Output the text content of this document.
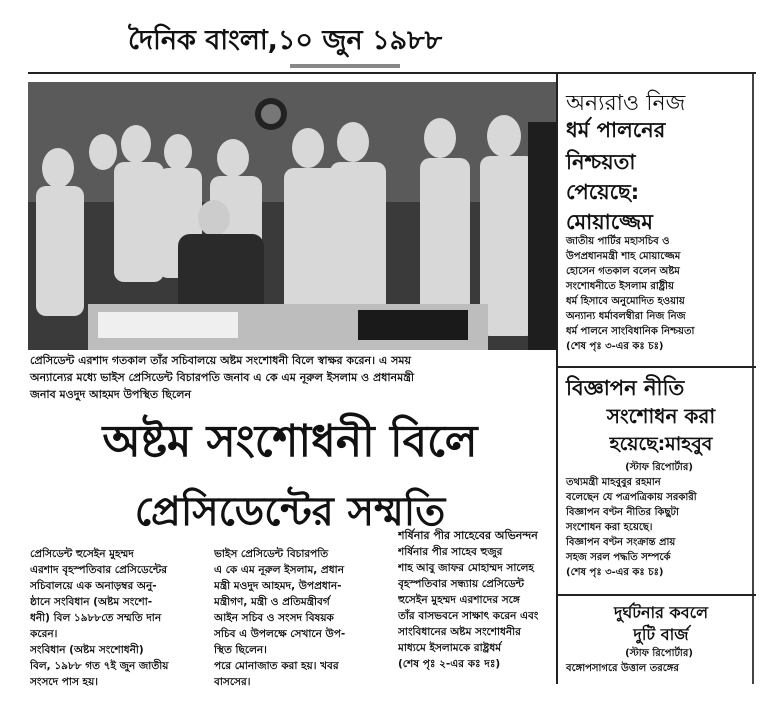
দৈনিক বাংলা,১০ জুন ১৯৮৮

প্রেসিডেন্ট এরশাদ গতকাল তাঁর সচিবালয়ে অষ্টম সংশোধনী বিলে স্বাক্ষর করেন। এ সময়

অন্যান্যের মধ্যে ভাইস প্রেসিডেন্ট বিচারপতি জনাব এ কে এম নূরুল ইসলাম ও প্রধানমন্ত্রী

জনাব মওদুদ আহমদ উপস্থিত ছিলেন

অষ্টম সংশোধনী বিলে
প্রেসিডেন্টের সম্মতি

প্রেসিডেন্ট হুসেইন মুহম্মদ

এরশাদ বৃহস্পতিবার প্রেসিডেন্টের

সচিবালয়ে এক অনাড়ম্বর অনু-

ষ্ঠানে সংবিধান (অষ্টম সংশো-

ধনী) বিল ১৯৮৮তে সম্মতি দান

করেন।

সংবিধান (অষ্টম সংশোধনী)

বিল, ১৯৮৮ গত ৭ই জুন জাতীয়

সংসদে পাস হয়।

ভাইস প্রেসিডেন্ট বিচারপতি

এ কে এম নূরুল ইসলাম, প্রধান

মন্ত্রী মওদুদ আহমদ, উপপ্রধান-

মন্ত্রীগণ, মন্ত্রী ও প্রতিমন্ত্রীবর্গ

আইন সচিব ও সংসদ বিষয়ক

সচিব এ উপলক্ষে সেখানে উপ-

স্থিত ছিলেন।

পরে মোনাজাত করা হয়। খবর

বাসসের।

শর্ষিনার পীর সাহেবের অভিনন্দন

শর্ষিনার পীর সাহেব হুজুর

শাহ আবু জাফর মোহাম্মদ সালেহ

বৃহস্পতিবার সন্ধ্যায় প্রেসিডেন্ট

হুসেইন মুহম্মদ এরশাদের সঙ্গে

তাঁর বাসভবনে সাক্ষাৎ করেন এবং

সাংবিধানের অষ্টম সংশোধনীর

মাধ্যমে ইসলামকে রাষ্ট্রধর্ম

(শেষ পৃঃ ২-এর কঃ দঃ)

অন্যরাও নিজ
ধর্ম পালনের
নিশ্চয়তা
পেয়েছে:
মোয়াজ্জেম

জাতীয় পার্টির মহাসচিব ও

উপপ্রধানমন্ত্রী শাহ মোয়াজ্জেম

হোসেন গতকাল বলেন অষ্টম

সংশোধনীতে ইসলাম রাষ্ট্রীয়

ধর্ম হিসাবে অনুমোদিত হওয়ায়

অন্যান্য ধর্মাবলম্বীরা নিজ নিজ

ধর্ম পালনে সাংবিধানিক নিশ্চয়তা

(শেষ পৃঃ ৩-এর কঃ চঃ)

বিজ্ঞাপন নীতি
সংশোধন করা
হয়েছে:মাহবুব

(স্টাফ রিপোর্টার)

তথ্যমন্ত্রী মাহবুবুর রহমান

বলেছেন যে পত্রপত্রিকায় সরকারী

বিজ্ঞাপন বণ্টন নীতির কিছুটা

সংশোধন করা হয়েছে।

বিজ্ঞাপন বণ্টন সংক্রান্ত প্রায়

সহজ সরল পদ্ধতি সম্পর্কে

(শেষ পৃঃ ৩-এর কঃ চঃ)

দুর্ঘটনার কবলে
দুটি বার্জ

(স্টাফ রিপোর্টার)

বঙ্গোপসাগরে উত্তাল তরঙ্গের
